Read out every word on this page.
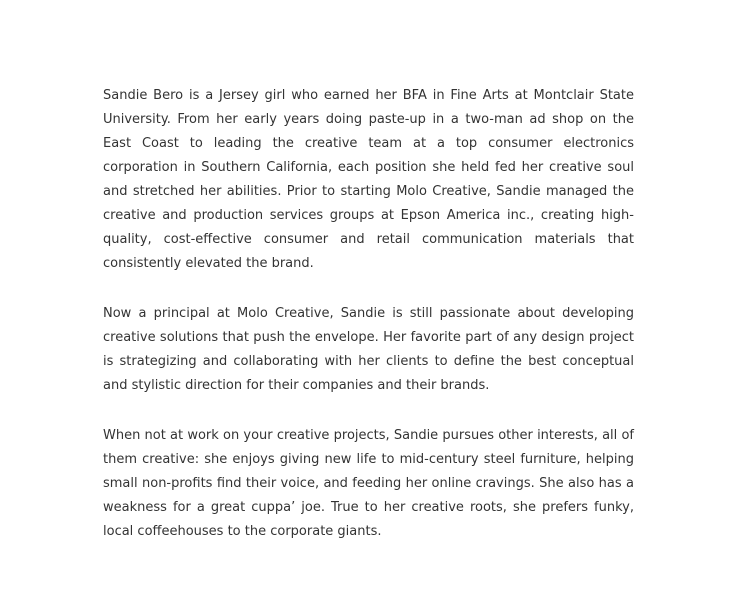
Sandie Bero is a Jersey girl who earned her BFA in Fine Arts at Montclair State University. From her early years doing paste-up in a two-man ad shop on the East Coast to leading the creative team at a top consumer electronics corporation in Southern California, each position she held fed her creative soul and stretched her abilities. Prior to starting Molo Creative, Sandie managed the creative and production services groups at Epson America inc., creating high-quality, cost-effective consumer and retail communication materials that consistently elevated the brand.

Now a principal at Molo Creative, Sandie is still passionate about developing creative solutions that push the envelope. Her favorite part of any design project is strategizing and collaborating with her clients to define the best conceptual and stylistic direction for their companies and their brands.

When not at work on your creative projects, Sandie pursues other interests, all of them creative: she enjoys giving new life to mid-century steel furniture, helping small non-profits find their voice, and feeding her online cravings. She also has a weakness for a great cuppa’ joe. True to her creative roots, she prefers funky, local coffeehouses to the corporate giants.
